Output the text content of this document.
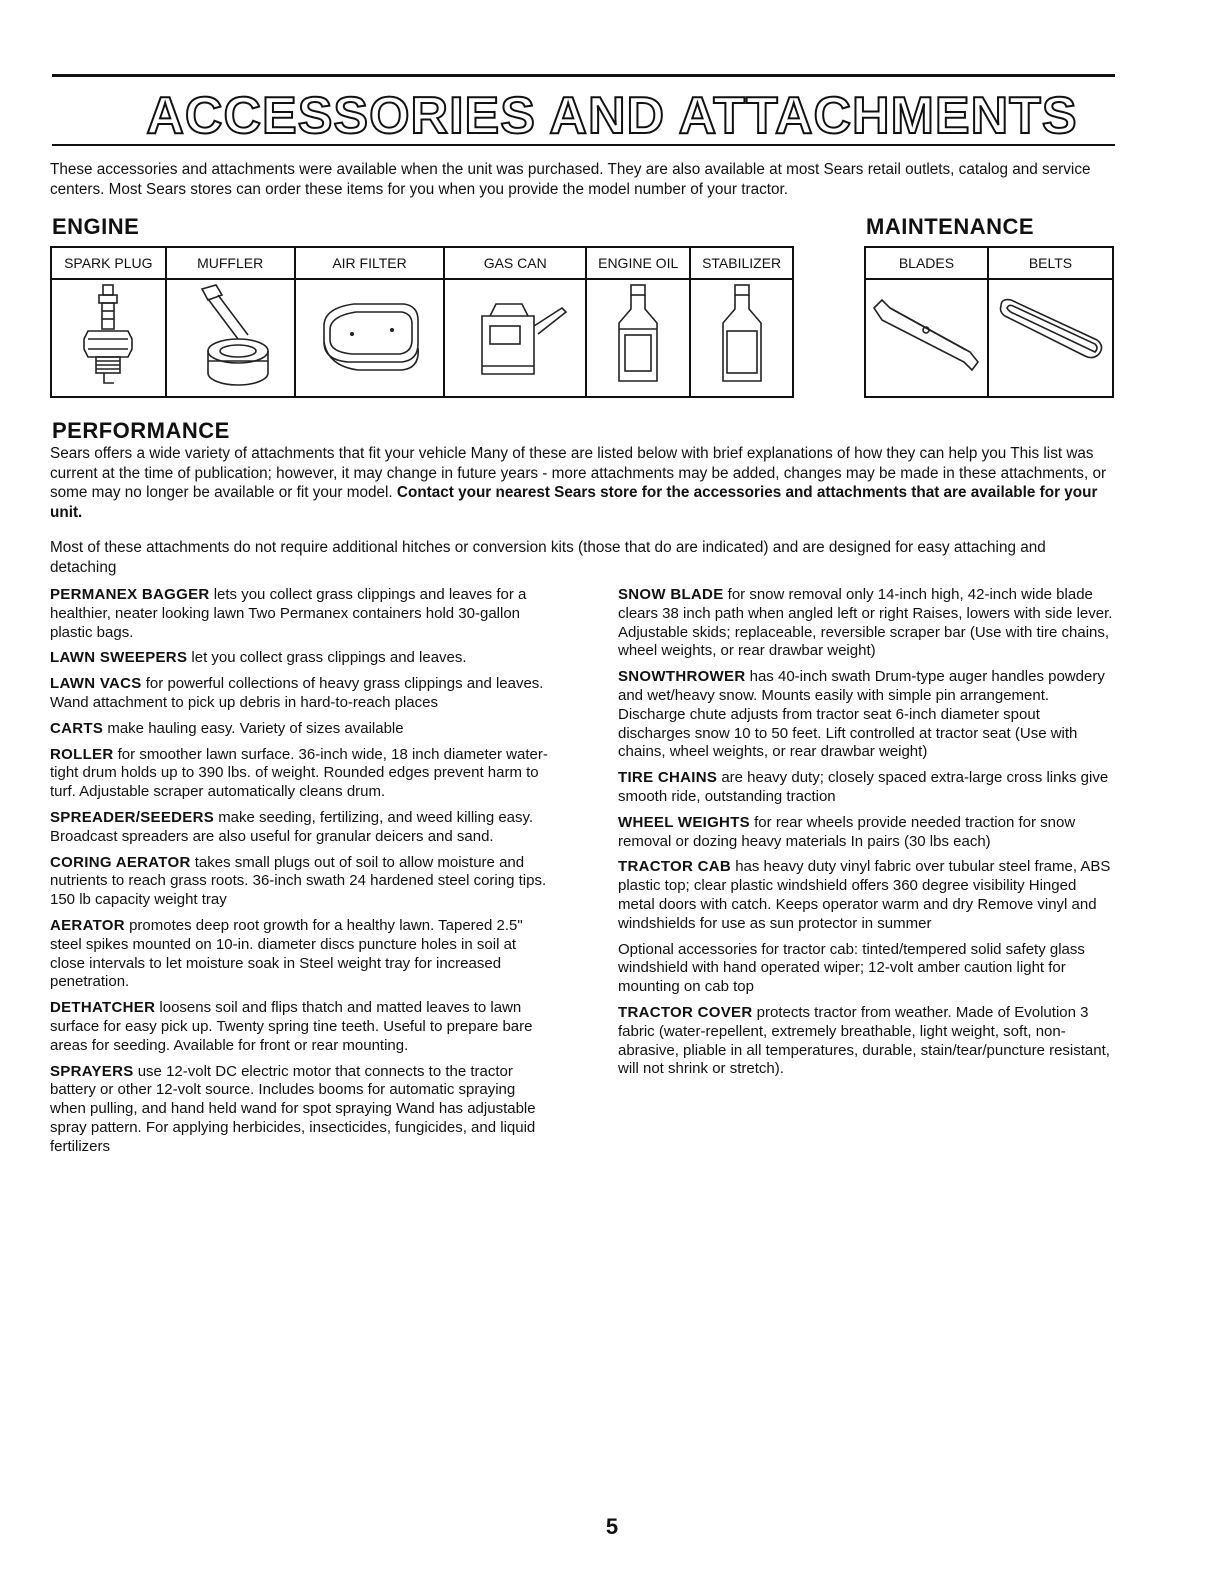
ACCESSORIES AND ATTACHMENTS
These accessories and attachments were available when the unit was purchased. They are also available at most Sears retail outlets, catalog and service centers. Most Sears stores can order these items for you when you provide the model number of your tractor.
ENGINE
SPARK PLUG	MUFFLER	AIR FILTER	GAS CAN	ENGINE OIL	STABILIZER

MAINTENANCE
BLADES	BELTS

PERFORMANCE
Sears offers a wide variety of attachments that fit your vehicle Many of these are listed below with brief explanations of how they can help you This list was current at the time of publication; however, it may change in future years - more attachments may be added, changes may be made in these attachments, or some may no longer be available or fit your model. Contact your nearest Sears store for the accessories and attachments that are available for your unit.
Most of these attachments do not require additional hitches or conversion kits (those that do are indicated) and are designed for easy attaching and detaching

PERMANEX BAGGER lets you collect grass clippings and leaves for a healthier, neater looking lawn Two Permanex containers hold 30-gallon plastic bags.

LAWN SWEEPERS let you collect grass clippings and leaves.

LAWN VACS for powerful collections of heavy grass clippings and leaves. Wand attachment to pick up debris in hard-to-reach places

CARTS make hauling easy. Variety of sizes available

ROLLER for smoother lawn surface. 36-inch wide, 18 inch diameter water-tight drum holds up to 390 lbs. of weight. Rounded edges prevent harm to turf. Adjustable scraper automatically cleans drum.

SPREADER/SEEDERS make seeding, fertilizing, and weed killing easy. Broadcast spreaders are also useful for granular deicers and sand.

CORING AERATOR takes small plugs out of soil to allow moisture and nutrients to reach grass roots. 36-inch swath 24 hardened steel coring tips. 150 lb capacity weight tray

AERATOR promotes deep root growth for a healthy lawn. Tapered 2.5" steel spikes mounted on 10-in. diameter discs puncture holes in soil at close intervals to let moisture soak in Steel weight tray for increased penetration.

DETHATCHER loosens soil and flips thatch and matted leaves to lawn surface for easy pick up. Twenty spring tine teeth. Useful to prepare bare areas for seeding. Available for front or rear mounting.

SPRAYERS use 12-volt DC electric motor that connects to the tractor battery or other 12-volt source. Includes booms for automatic spraying when pulling, and hand held wand for spot spraying Wand has adjustable spray pattern. For applying herbicides, insecticides, fungicides, and liquid fertilizers

SNOW BLADE for snow removal only 14-inch high, 42-inch wide blade clears 38 inch path when angled left or right Raises, lowers with side lever. Adjustable skids; replaceable, reversible scraper bar (Use with tire chains, wheel weights, or rear drawbar weight)

SNOWTHROWER has 40-inch swath Drum-type auger handles powdery and wet/heavy snow. Mounts easily with simple pin arrangement. Discharge chute adjusts from tractor seat 6-inch diameter spout discharges snow 10 to 50 feet. Lift controlled at tractor seat (Use with chains, wheel weights, or rear drawbar weight)

TIRE CHAINS are heavy duty; closely spaced extra-large cross links give smooth ride, outstanding traction

WHEEL WEIGHTS for rear wheels provide needed traction for snow removal or dozing heavy materials In pairs (30 lbs each)

TRACTOR CAB has heavy duty vinyl fabric over tubular steel frame, ABS plastic top; clear plastic windshield offers 360 degree visibility Hinged metal doors with catch. Keeps operator warm and dry Remove vinyl and windshields for use as sun protector in summer

Optional accessories for tractor cab: tinted/tempered solid safety glass windshield with hand operated wiper; 12-volt amber caution light for mounting on cab top

TRACTOR COVER protects tractor from weather. Made of Evolution 3 fabric (water-repellent, extremely breathable, light weight, soft, non-abrasive, pliable in all temperatures, durable, stain/tear/puncture resistant, will not shrink or stretch).

5
